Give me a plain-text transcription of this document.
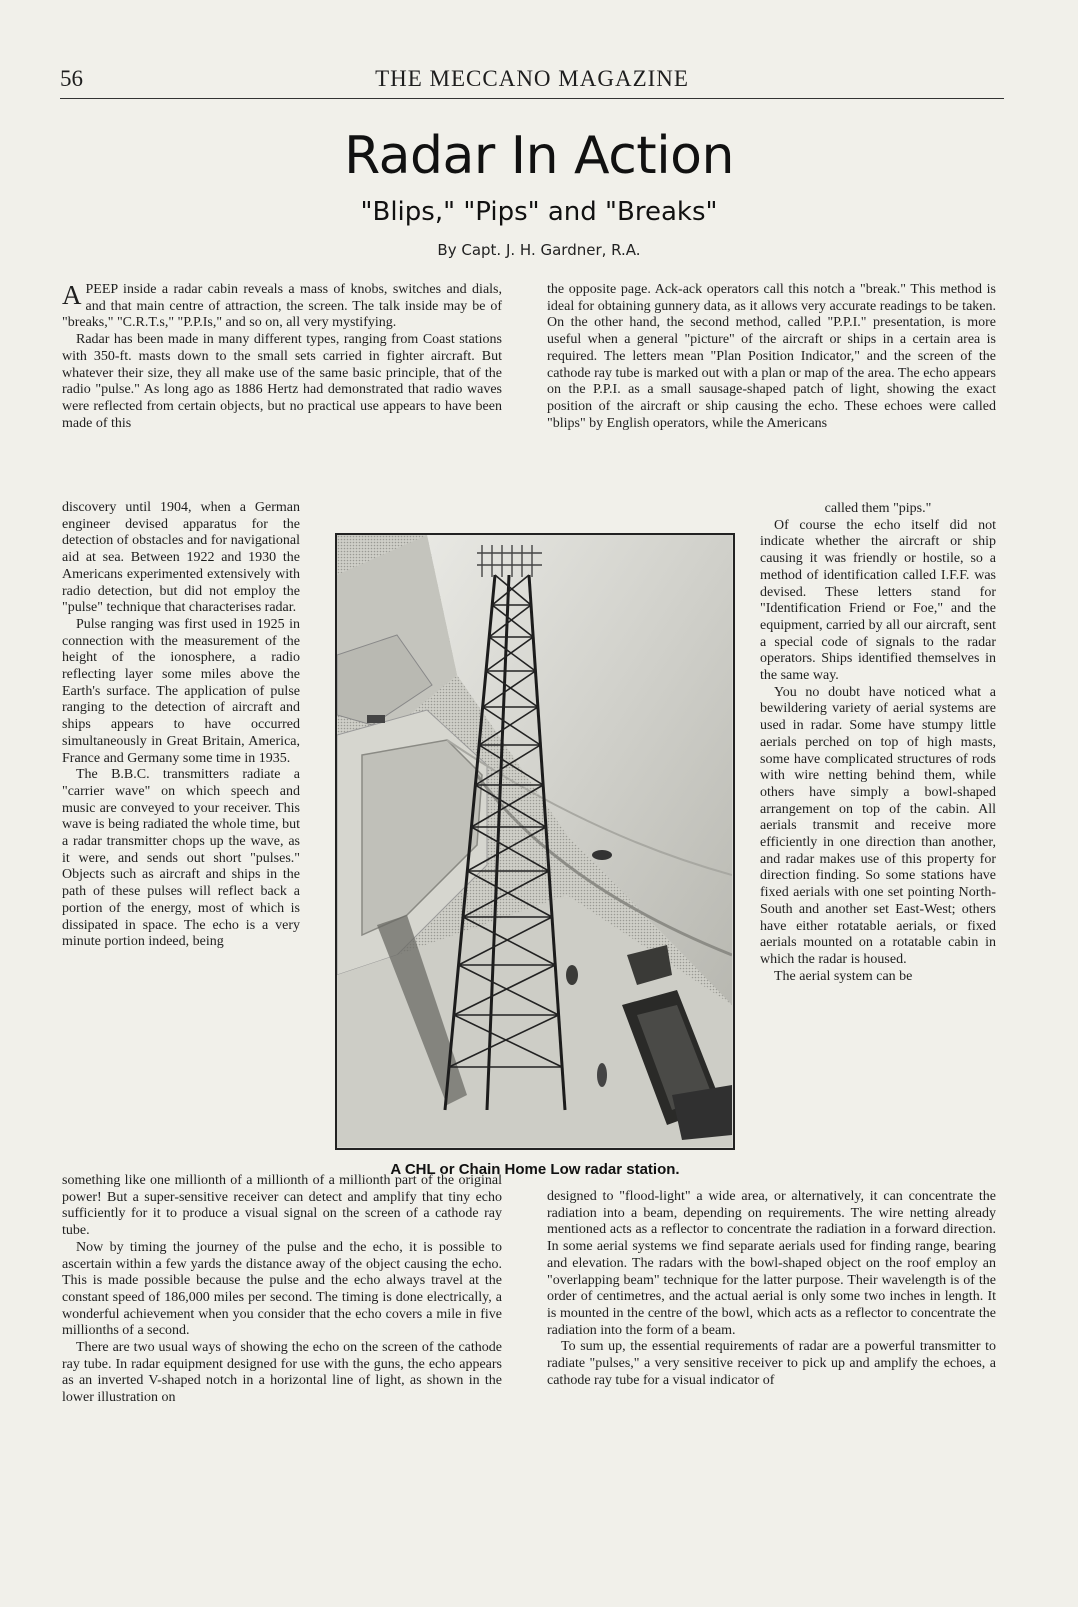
56	THE MECCANO MAGAZINE
Radar In Action
"Blips," "Pips" and "Breaks"
By Capt. J. H. Gardner, R.A.

APEEP inside a radar cabin reveals a mass of knobs, switches and dials, and that main centre of attraction, the screen. The talk inside may be of "breaks," "C.R.T.s," "P.P.Is," and so on, all very mystifying.

Radar has been made in many different types, ranging from Coast stations with 350-ft. masts down to the small sets carried in fighter aircraft. But whatever their size, they all make use of the same basic principle, that of the radio "pulse." As long ago as 1886 Hertz had demonstrated that radio waves were reflected from certain objects, but no practical use appears to have been made of this

discovery until 1904, when a German engineer devised apparatus for the detection of obstacles and for navigational aid at sea. Between 1922 and 1930 the Americans experimented extensively with radio detection, but did not employ the "pulse" technique that characterises radar.

Pulse ranging was first used in 1925 in connection with the measurement of the height of the ionosphere, a radio reflecting layer some miles above the Earth's surface. The application of pulse ranging to the detection of aircraft and ships appears to have occurred simultaneously in Great Britain, America, France and Germany some time in 1935.

The B.B.C. transmitters radiate a "carrier wave" on which speech and music are conveyed to your receiver. This wave is being radiated the whole time, but a radar transmitter chops up the wave, as it were, and sends out short "pulses." Objects such as aircraft and ships in the path of these pulses will reflect back a portion of the energy, most of which is dissipated in space. The echo is a very minute portion indeed, being

something like one millionth of a millionth of a millionth part of the original power! But a super-sensitive receiver can detect and amplify that tiny echo sufficiently for it to produce a visual signal on the screen of a cathode ray tube.

Now by timing the journey of the pulse and the echo, it is possible to ascertain within a few yards the distance away of the object causing the echo. This is made possible because the pulse and the echo always travel at the constant speed of 186,000 miles per second. The timing is done electrically, a wonderful achievement when you consider that the echo covers a mile in five millionths of a second.

There are two usual ways of showing the echo on the screen of the cathode ray tube. In radar equipment designed for use with the guns, the echo appears as an inverted V-shaped notch in a horizontal line of light, as shown in the lower illustration on

the opposite page. Ack-ack operators call this notch a "break." This method is ideal for obtaining gunnery data, as it allows very accurate readings to be taken. On the other hand, the second method, called "P.P.I." presentation, is more useful when a general "picture" of the aircraft or ships in a certain area is required. The letters mean "Plan Position Indicator," and the screen of the cathode ray tube is marked out with a plan or map of the area. The echo appears on the P.P.I. as a small sausage-shaped patch of light, showing the exact position of the aircraft or ship causing the echo. These echoes were called "blips" by English operators, while the Americans

called them "pips."

Of course the echo itself did not indicate whether the aircraft or ship causing it was friendly or hostile, so a method of identification called I.F.F. was devised. These letters stand for "Identification Friend or Foe," and the equipment, carried by all our aircraft, sent a special code of signals to the radar operators. Ships identified themselves in the same way.

You no doubt have noticed what a bewildering variety of aerial systems are used in radar. Some have stumpy little aerials perched on top of high masts, some have complicated structures of rods with wire netting behind them, while others have simply a bowl-shaped arrangement on top of the cabin. All aerials transmit and receive more efficiently in one direction than another, and radar makes use of this property for direction finding. So some stations have fixed aerials with one set pointing North-South and another set East-West; others have either rotatable aerials, or fixed aerials mounted on a rotatable cabin in which the radar is housed.

The aerial system can be

designed to "flood-light" a wide area, or alternatively, it can concentrate the radiation into a beam, depending on requirements. The wire netting already mentioned acts as a reflector to concentrate the radiation in a forward direction. In some aerial systems we find separate aerials used for finding range, bearing and elevation. The radars with the bowl-shaped object on the roof employ an "overlapping beam" technique for the latter purpose. Their wavelength is of the order of centimetres, and the actual aerial is only some two inches in length. It is mounted in the centre of the bowl, which acts as a reflector to concentrate the radiation into the form of a beam.

To sum up, the essential requirements of radar are a powerful transmitter to radiate "pulses," a very sensitive receiver to pick up and amplify the echoes, a cathode ray tube for a visual indicator of

A CHL or Chain Home Low radar station.
